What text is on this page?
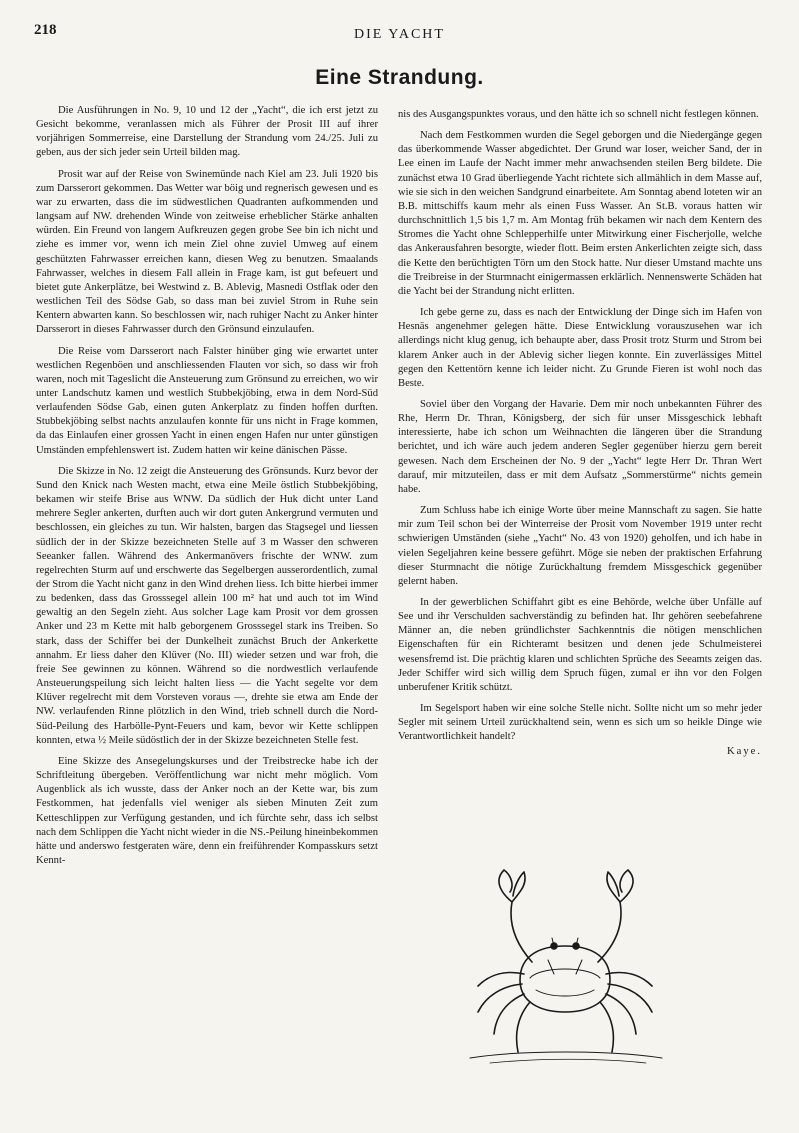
218	DIE YACHT
Eine Strandung.

Die Ausführungen in No. 9, 10 und 12 der „Yacht“, die ich erst jetzt zu Gesicht bekomme, veranlassen mich als Führer der Prosit III auf ihrer vorjährigen Sommerreise, eine Darstellung der Strandung vom 24./25. Juli zu geben, aus der sich jeder sein Urteil bilden mag.

Prosit war auf der Reise von Swinemünde nach Kiel am 23. Juli 1920 bis zum Darsserort gekommen. Das Wetter war böig und regnerisch gewesen und es war zu erwarten, dass die im südwestlichen Quadranten aufkommenden und langsam auf NW. drehenden Winde von zeitweise erheblicher Stärke anhalten würden. Ein Freund von langem Aufkreuzen gegen grobe See bin ich nicht und ziehe es immer vor, wenn ich mein Ziel ohne zuviel Umweg auf einem geschützten Fahrwasser erreichen kann, diesen Weg zu benutzen. Smaalands Fahrwasser, welches in diesem Fall allein in Frage kam, ist gut befeuert und bietet gute Ankerplätze, bei Westwind z. B. Ablevig, Masnedi Ostflak oder den westlichen Teil des Södse Gab, so dass man bei zuviel Strom in Ruhe sein Kentern abwarten kann. So beschlossen wir, nach ruhiger Nacht zu Anker hinter Darsserort in dieses Fahrwasser durch den Grönsund einzulaufen.

Die Reise vom Darsserort nach Falster hinüber ging wie erwartet unter westlichen Regenböen und anschliessenden Flauten vor sich, so dass wir froh waren, noch mit Tageslicht die Ansteuerung zum Grönsund zu erreichen, wo wir unter Landschutz kamen und westlich Stubbekjöbing, etwa in dem Nord-Süd verlaufenden Södse Gab, einen guten Ankerplatz zu finden hoffen durften. Stubbekjöbing selbst nachts anzulaufen konnte für uns nicht in Frage kommen, da das Einlaufen einer grossen Yacht in einen engen Hafen nur unter günstigen Umständen empfehlenswert ist. Zudem hatten wir keine dänischen Pässe.

Die Skizze in No. 12 zeigt die Ansteuerung des Grönsunds. Kurz bevor der Sund den Knick nach Westen macht, etwa eine Meile östlich Stubbekjöbing, bekamen wir steife Brise aus WNW. Da südlich der Huk dicht unter Land mehrere Segler ankerten, durften auch wir dort guten Ankergrund vermuten und beschlossen, ein gleiches zu tun. Wir halsten, bargen das Stagsegel und liessen südlich der in der Skizze bezeichneten Stelle auf 3 m Wasser den schweren Seeanker fallen. Während des Ankermanövers frischte der WNW. zum regelrechten Sturm auf und erschwerte das Segelbergen ausserordentlich, zumal der Strom die Yacht nicht ganz in den Wind drehen liess. Ich bitte hierbei immer zu bedenken, dass das Grosssegel allein 100 m² hat und auch tot im Wind gewaltig an den Segeln zieht. Aus solcher Lage kam Prosit vor dem grossen Anker und 23 m Kette mit halb geborgenem Grosssegel stark ins Treiben. So stark, dass der Schiffer bei der Dunkelheit zunächst Bruch der Ankerkette annahm. Er liess daher den Klüver (No. III) wieder setzen und war froh, die freie See gewinnen zu können. Während so die nordwestlich verlaufende Ansteuerungspeilung sich leicht halten liess — die Yacht segelte vor dem Klüver regelrecht mit dem Vorsteven voraus —, drehte sie etwa am Ende der NW. verlaufenden Rinne plötzlich in den Wind, trieb schnell durch die Nord-Süd-Peilung des Harbölle-Pynt-Feuers und kam, bevor wir Kette schlippen konnten, etwa ½ Meile südöstlich der in der Skizze bezeichneten Stelle fest.

Eine Skizze des Ansegelungskurses und der Treibstrecke habe ich der Schriftleitung übergeben. Veröffentlichung war nicht mehr möglich. Vom Augenblick als ich wusste, dass der Anker noch an der Kette war, bis zum Festkommen, hat jedenfalls viel weniger als sieben Minuten Zeit zum Ketteschlippen zur Verfügung gestanden, und ich fürchte sehr, dass ich selbst nach dem Schlippen die Yacht nicht wieder in die NS.-Peilung hineinbekommen hätte und anderswo festgeraten wäre, denn ein freiführender Kompasskurs setzt Kennt-

nis des Ausgangspunktes voraus, und den hätte ich so schnell nicht festlegen können.

Nach dem Festkommen wurden die Segel geborgen und die Niedergänge gegen das überkommende Wasser abgedichtet. Der Grund war loser, weicher Sand, der in Lee einen im Laufe der Nacht immer mehr anwachsenden steilen Berg bildete. Die zunächst etwa 10 Grad überliegende Yacht richtete sich allmählich in dem Masse auf, wie sie sich in den weichen Sandgrund einarbeitete. Am Sonntag abend loteten wir an B.B. mittschiffs kaum mehr als einen Fuss Wasser. An St.B. voraus hatten wir durchschnittlich 1,5 bis 1,7 m. Am Montag früh bekamen wir nach dem Kentern des Stromes die Yacht ohne Schlepperhilfe unter Mitwirkung einer Fischerjolle, welche das Ankerausfahren besorgte, wieder flott. Beim ersten Ankerlichten zeigte sich, dass die Kette den berüchtigten Törn um den Stock hatte. Nur dieser Umstand machte uns die Treibreise in der Sturmnacht einigermassen erklärlich. Nennenswerte Schäden hat die Yacht bei der Strandung nicht erlitten.

Ich gebe gerne zu, dass es nach der Entwicklung der Dinge sich im Hafen von Hesnäs angenehmer gelegen hätte. Diese Entwicklung vorauszusehen war ich allerdings nicht klug genug, ich behaupte aber, dass Prosit trotz Sturm und Strom bei klarem Anker auch in der Ablevig sicher liegen konnte. Ein zuverlässiges Mittel gegen den Kettentörn kenne ich leider nicht. Zu Grunde Fieren ist wohl noch das Beste.

Soviel über den Vorgang der Havarie. Dem mir noch unbekannten Führer des Rhe, Herrn Dr. Thran, Königsberg, der sich für unser Missgeschick lebhaft interessierte, habe ich schon um Weihnachten die längeren über die Strandung berichtet, und ich wäre auch jedem anderen Segler gegenüber hierzu gern bereit gewesen. Nach dem Erscheinen der No. 9 der „Yacht“ legte Herr Dr. Thran Wert darauf, mir mitzuteilen, dass er mit dem Aufsatz „Sommerstürme“ nichts gemein habe.

Zum Schluss habe ich einige Worte über meine Mannschaft zu sagen. Sie hatte mir zum Teil schon bei der Winterreise der Prosit vom November 1919 unter recht schwierigen Umständen (siehe „Yacht“ No. 43 von 1920) geholfen, und ich habe in vielen Segeljahren keine bessere geführt. Möge sie neben der praktischen Erfahrung dieser Sturmnacht die nötige Zurückhaltung fremdem Missgeschick gegenüber gelernt haben.

In der gewerblichen Schiffahrt gibt es eine Behörde, welche über Unfälle auf See und ihr Verschulden sachverständig zu befinden hat. Ihr gehören seebefahrene Männer an, die neben gründlichster Sachkenntnis die nötigen menschlichen Eigenschaften für ein Richteramt besitzen und denen jede Schulmeisterei wesensfremd ist. Die prächtig klaren und schlichten Sprüche des Seeamts zeigen das. Jeder Schiffer wird sich willig dem Spruch fügen, zumal er ihn vor den Folgen unberufener Kritik schützt.

Im Segelsport haben wir eine solche Stelle nicht. Sollte nicht um so mehr jeder Segler mit seinem Urteil zurückhaltend sein, wenn es sich um so heikle Dinge wie Verantwortlichkeit handelt?

Kaye.
